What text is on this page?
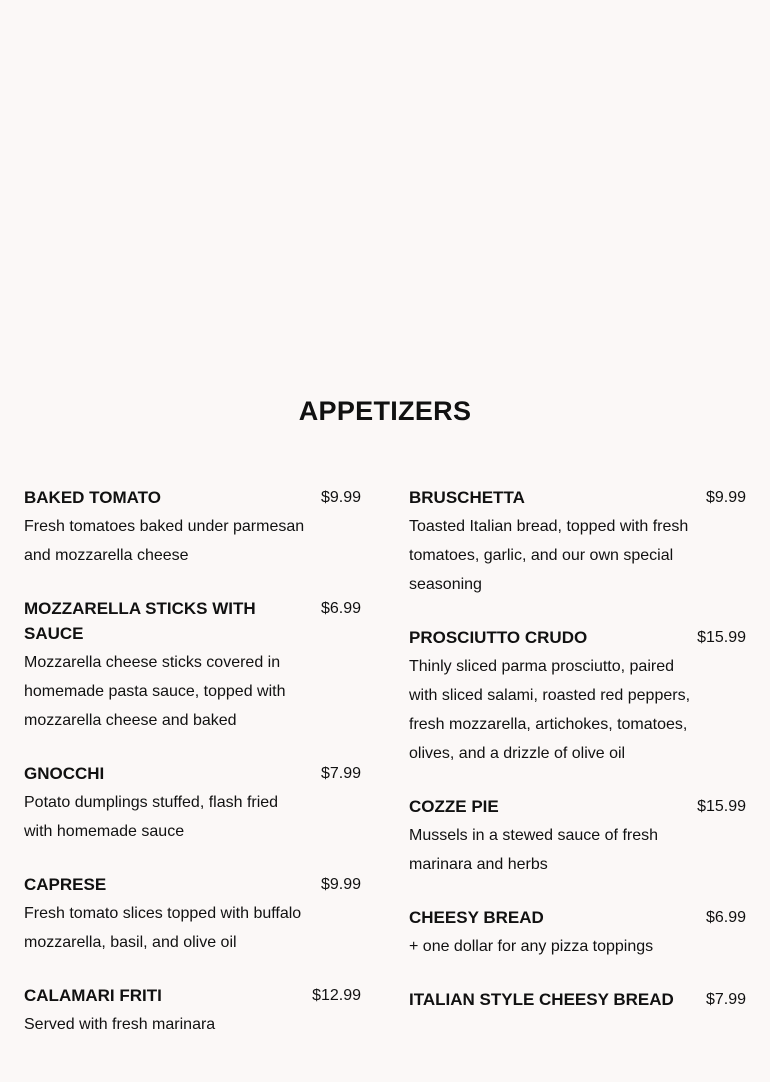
APPETIZERS
BAKED TOMATO	$9.99
Fresh tomatoes baked under parmesan and mozzarella cheese
MOZZARELLA STICKS WITH SAUCE
$6.99
Mozzarella cheese sticks covered in homemade pasta sauce, topped with mozzarella cheese and baked
GNOCCHI	$7.99
Potato dumplings stuffed, flash fried with homemade sauce
CAPRESE	$9.99
Fresh tomato slices topped with buffalo mozzarella, basil, and olive oil
CALAMARI FRITI	$12.99
Served with fresh marinara
BRUSCHETTA	$9.99
Toasted Italian bread, topped with fresh tomatoes, garlic, and our own special seasoning
PROSCIUTTO CRUDO	$15.99
Thinly sliced parma prosciutto, paired with sliced salami, roasted red peppers, fresh mozzarella, artichokes, tomatoes, olives, and a drizzle of olive oil
COZZE PIE	$15.99
Mussels in a stewed sauce of fresh marinara and herbs
CHEESY BREAD	$6.99
+ one dollar for any pizza toppings
ITALIAN STYLE CHEESY BREAD	$7.99
